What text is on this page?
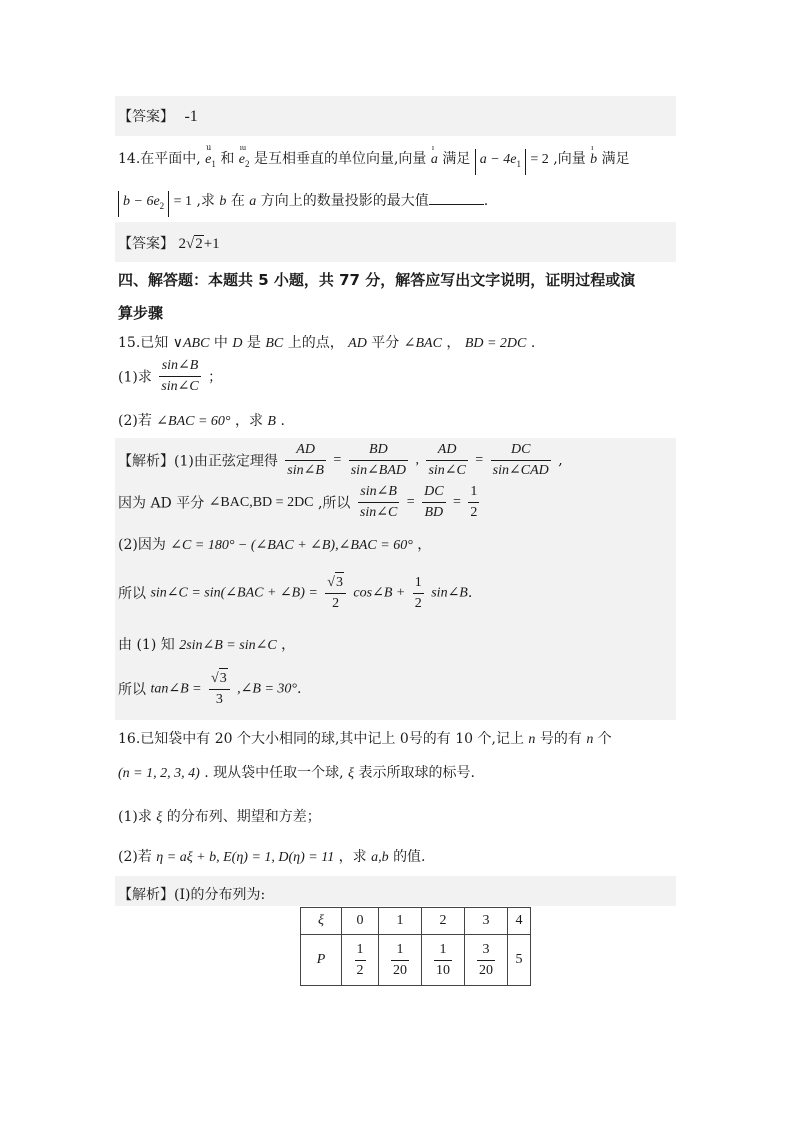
【答案】 -1
14.在平面中, $e_1$
ս
和 $e_2$
ıu
是互相垂直的单位向量,向量 a
ı
满足 $a - 4e_1 = 2$ ,向量 b
ı
满足
$b - 6e_2 = 1$ ,求 b 在 a 方向上的数量投影的最大值	.
【答案】 2√2+1
四、解答题：本题共 5 小题，共 77 分，解答应写出文字说明，证明过程或演
算步骤
15.已知 ∨ABC 中 D 是 BC 上的点， AD 平分 ∠BAC ， BD = 2DC .
(1)求 $\frac{\sin\angle B}{\sin\angle C}$ ；
(2)若 ∠BAC = 60° ，求 B .
【解析】(1)由正弦定理得 $\frac{AD}{\sin\angle B} = \frac{BD}{\text{sin∠BAD}}$ , $\frac{AD}{\sin\angle C} = \frac{DC}{\text{sin∠CAD}}$ ,
因为 AD 平分 ∠BAC,BD = 2DC ,所以 $\frac{\sin\angle B}{\sin\angle C} = \frac{DC}{BD} = \frac{1}{2}$
(2)因为 ∠C = 180° − (∠BAC + ∠B),∠BAC = 60° ，
所以 sin∠C = sin(∠BAC + ∠B) = $\frac{√3}{2}$ cos∠B + $\frac{1}{2}$ sin∠B.
由 (1) 知 2sin∠B = sin∠C ，
所以 tan∠B = $\frac{√3}{3}$ ,∠B = 30°.
16.已知袋中有 20 个大小相同的球,其中记上 0号的有 10 个,记上 n 号的有 n 个
(n = 1, 2, 3, 4) . 现从袋中任取一个球, ξ 表示所取球的标号.
(1)求 ξ 的分布列、期望和方差；
(2)若 η = aξ + b, E(η) = 1, D(η) = 11 ，求 a,b 的值.
【解析】(I)的分布列为:
ξ	0	1	2	3	4
P	$\frac{1}{2}$	$\frac{1}{20}$	$\frac{1}{10}$	$\frac{3}{20}$	5
